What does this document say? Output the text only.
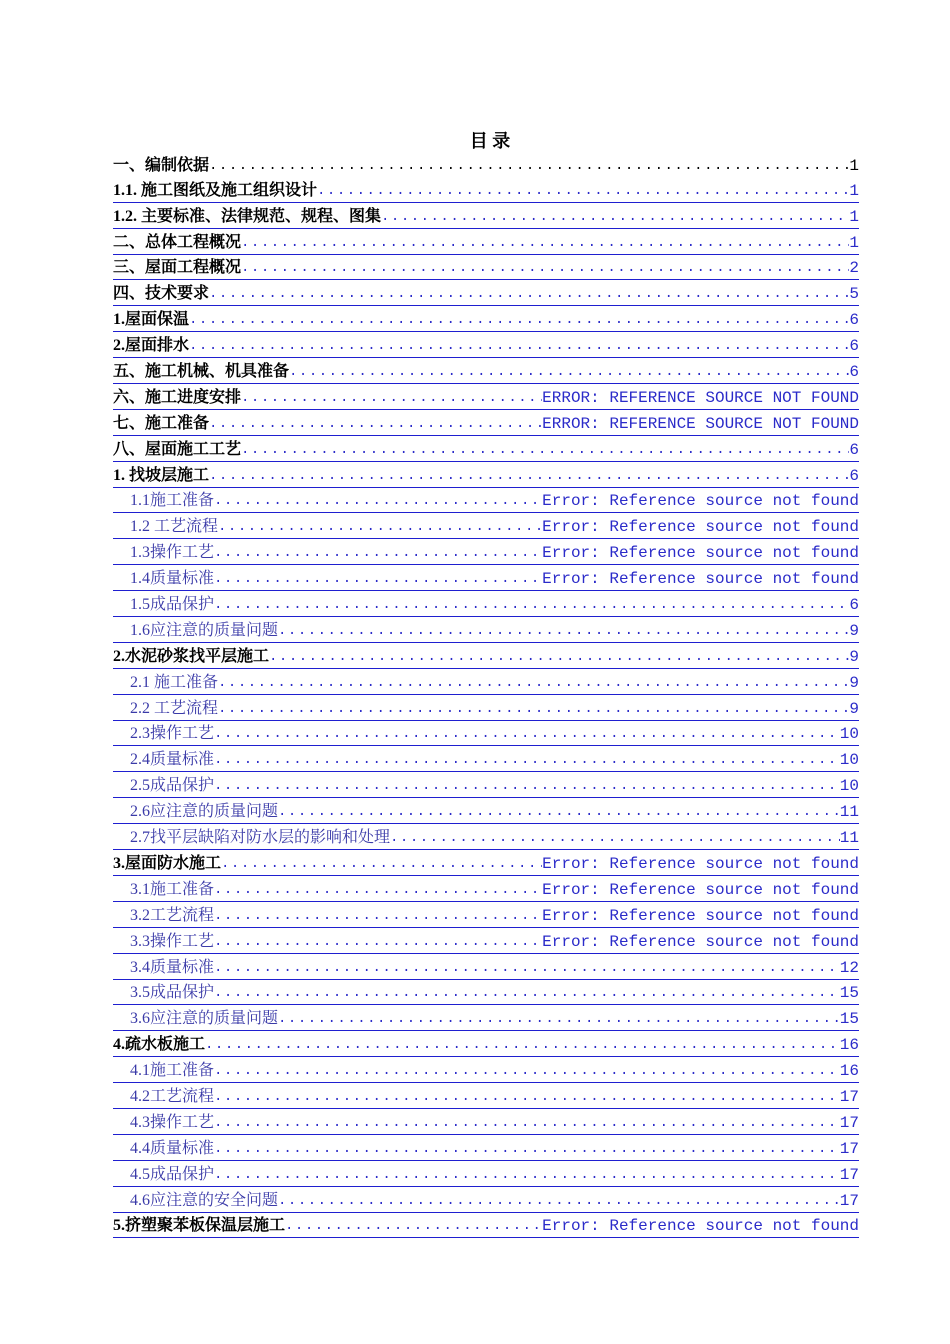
目 录
一、编制依据 .....	1
1.1. 施工图纸及施工组织设计 .....	1
1.2. 主要标准、法律规范、规程、图集 .....	1
二、总体工程概况 .....	1
三、屋面工程概况 .....	2
四、技术要求 .....	5
1.屋面保温 .....	6
2.屋面排水 .....	6
五、施工机械、机具准备 .....	6
六、施工进度安排 .....	ERROR: REFERENCE SOURCE NOT FOUND
七、施工准备 .....	ERROR: REFERENCE SOURCE NOT FOUND
八、屋面施工工艺 .....	6
1. 找坡层施工 .....	6
1.1施工准备 .....	Error: Reference source not found
1.2 工艺流程 .....	Error: Reference source not found
1.3操作工艺 .....	Error: Reference source not found
1.4质量标准 .....	Error: Reference source not found
1.5成品保护 .....	6
1.6应注意的质量问题 .....	9
2.水泥砂浆找平层施工 .....	9
2.1 施工准备 .....	9
2.2 工艺流程 .....	9
2.3操作工艺 .....	10
2.4质量标准 .....	10
2.5成品保护 .....	10
2.6应注意的质量问题 .....	11
2.7找平层缺陷对防水层的影响和处理 .....	11
3.屋面防水施工 .....	Error: Reference source not found
3.1施工准备 .....	Error: Reference source not found
3.2工艺流程 .....	Error: Reference source not found
3.3操作工艺 .....	Error: Reference source not found
3.4质量标准 .....	12
3.5成品保护 .....	15
3.6应注意的质量问题 .....	15
4.疏水板施工 .....	16
4.1施工准备 .....	16
4.2工艺流程 .....	17
4.3操作工艺 .....	17
4.4质量标准 .....	17
4.5成品保护 .....	17
4.6应注意的安全问题 .....	17
5.挤塑聚苯板保温层施工 .....	Error: Reference source not found
